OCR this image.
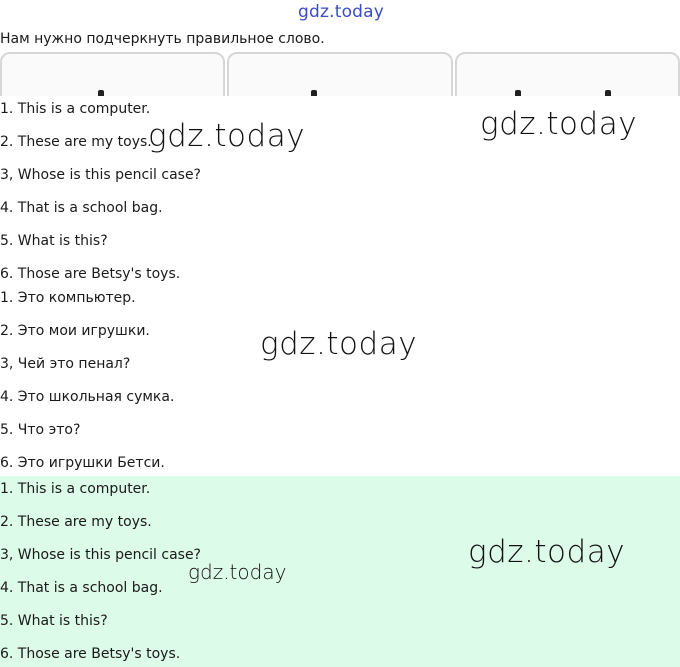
gdz.today
Нам нужно подчеркнуть правильное слово.
1. This is a computer.
2. These are my toys.
3, Whose is this pencil case?
4. That is a school bag.
5. What is this?
6. Those are Betsy's toys.
gdz.today	gdz.today
1. Это компьютер.
2. Это мои игрушки.
3, Чей это пенал?
4. Это школьная сумка.
5. Что это?
6. Это игрушки Бетси.
gdz.today
1. This is a computer.
2. These are my toys.
3, Whose is this pencil case?
4. That is a school bag.
5. What is this?
6. Those are Betsy's toys.
gdz.today
gdz.today
